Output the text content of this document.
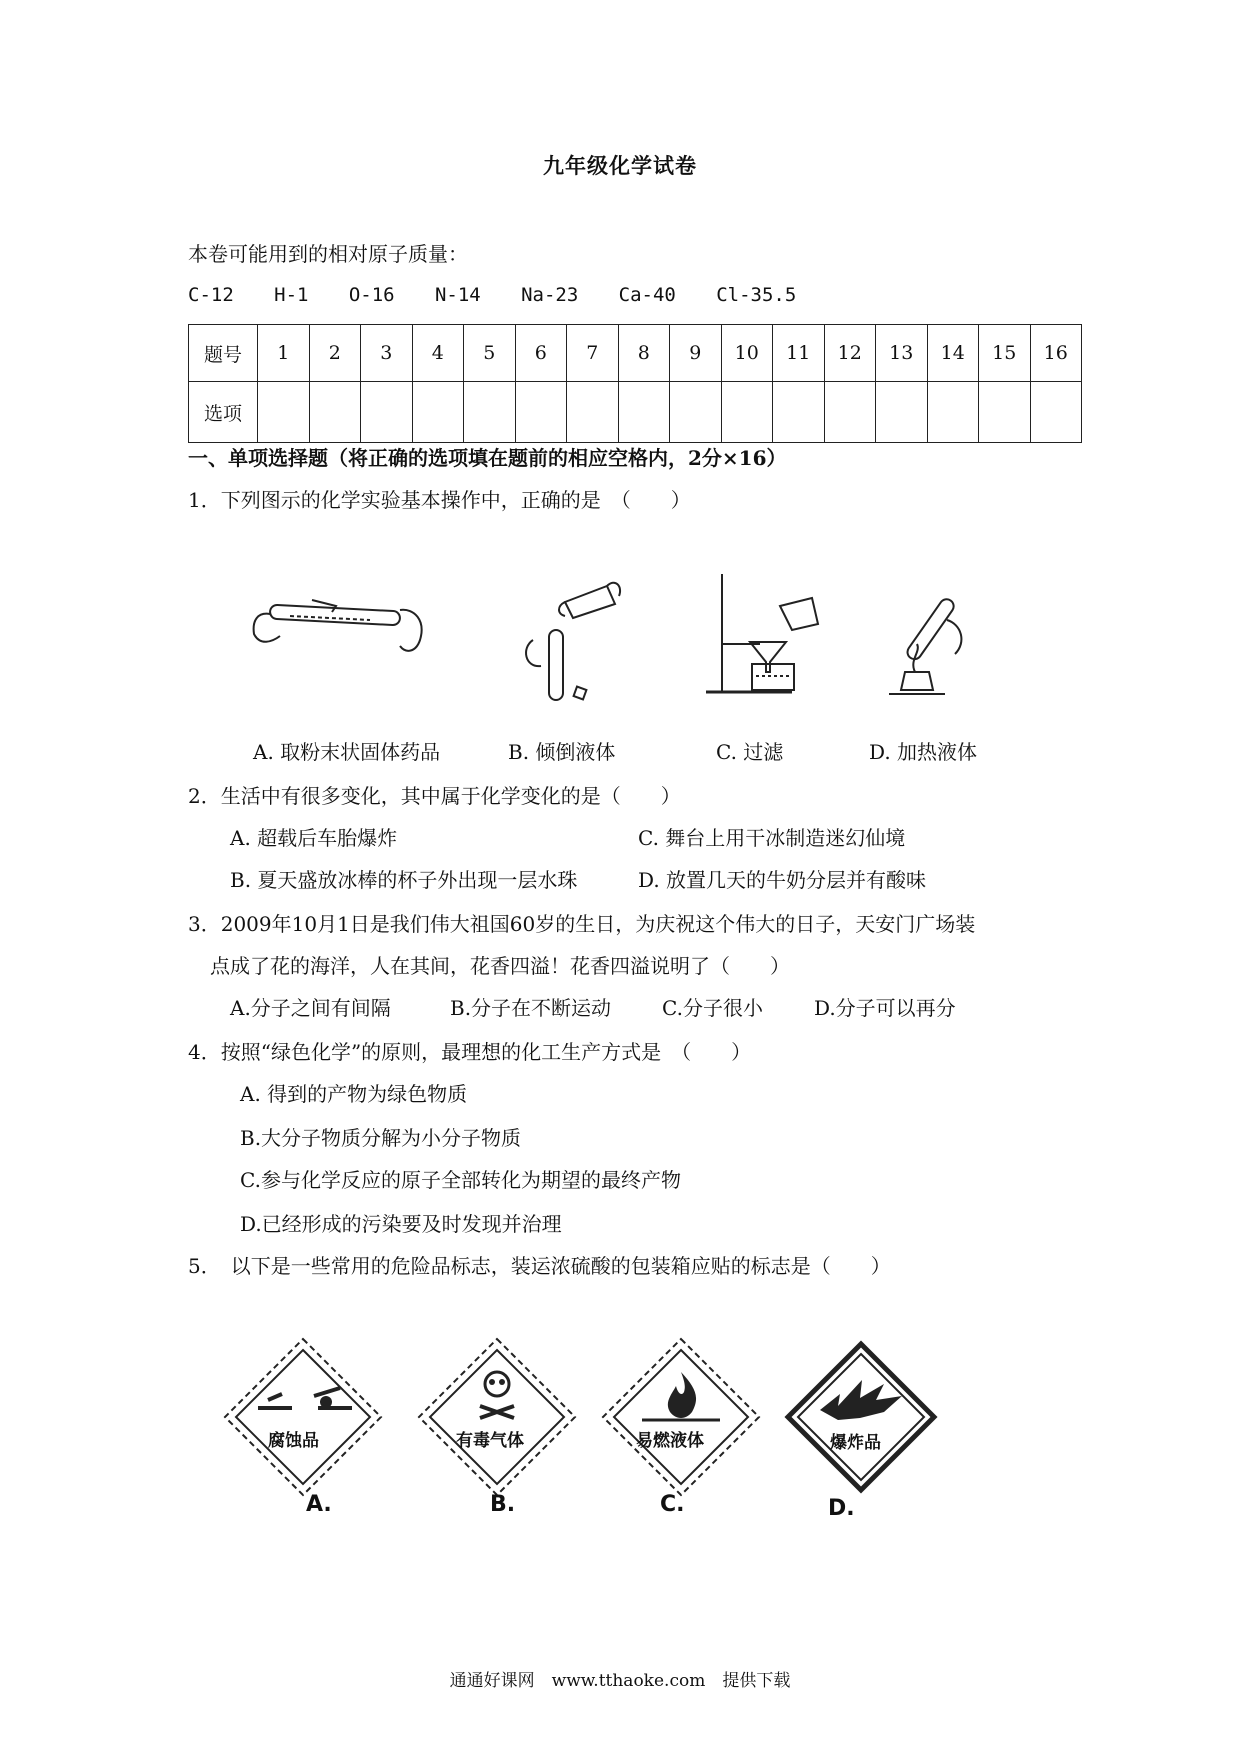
九年级化学试卷
本卷可能用到的相对原子质量：
C-12 H-1 O-16 N-14 Na-23 Ca-40 Cl-35.5
题号	1	2	3	4	5	6	7	8	9	10	11	12	13	14	15	16
选项																
一、单项选择题（将正确的选项填在题前的相应空格内，2分×16）
1．下列图示的化学实验基本操作中，正确的是　（　　）
A. 取粉末状固体药品	B. 倾倒液体	C. 过滤	D. 加热液体
2．生活中有很多变化，其中属于化学变化的是（　　）
A. 超载后车胎爆炸	C. 舞台上用干冰制造迷幻仙境
B. 夏天盛放冰棒的杯子外出现一层水珠	D. 放置几天的牛奶分层并有酸味
3．2009年10月1日是我们伟大祖国60岁的生日，为庆祝这个伟大的日子，天安门广场装
点成了花的海洋，人在其间，花香四溢！花香四溢说明了（　　）
A.分子之间有间隔	B.分子在不断运动	C.分子很小	D.分子可以再分
4．按照“绿色化学”的原则，最理想的化工生产方式是　（　　）
A. 得到的产物为绿色物质
B.大分子物质分解为小分子物质
C.参与化学反应的原子全部转化为期望的最终产物
D.已经形成的污染要及时发现并治理
5．　以下是一些常用的危险品标志，装运浓硫酸的包装箱应贴的标志是（　　）
腐蚀品	有毒气体	易燃液体	爆炸品
A.	B.	C.	D.
通通好课网　www.tthaoke.com　提供下载
